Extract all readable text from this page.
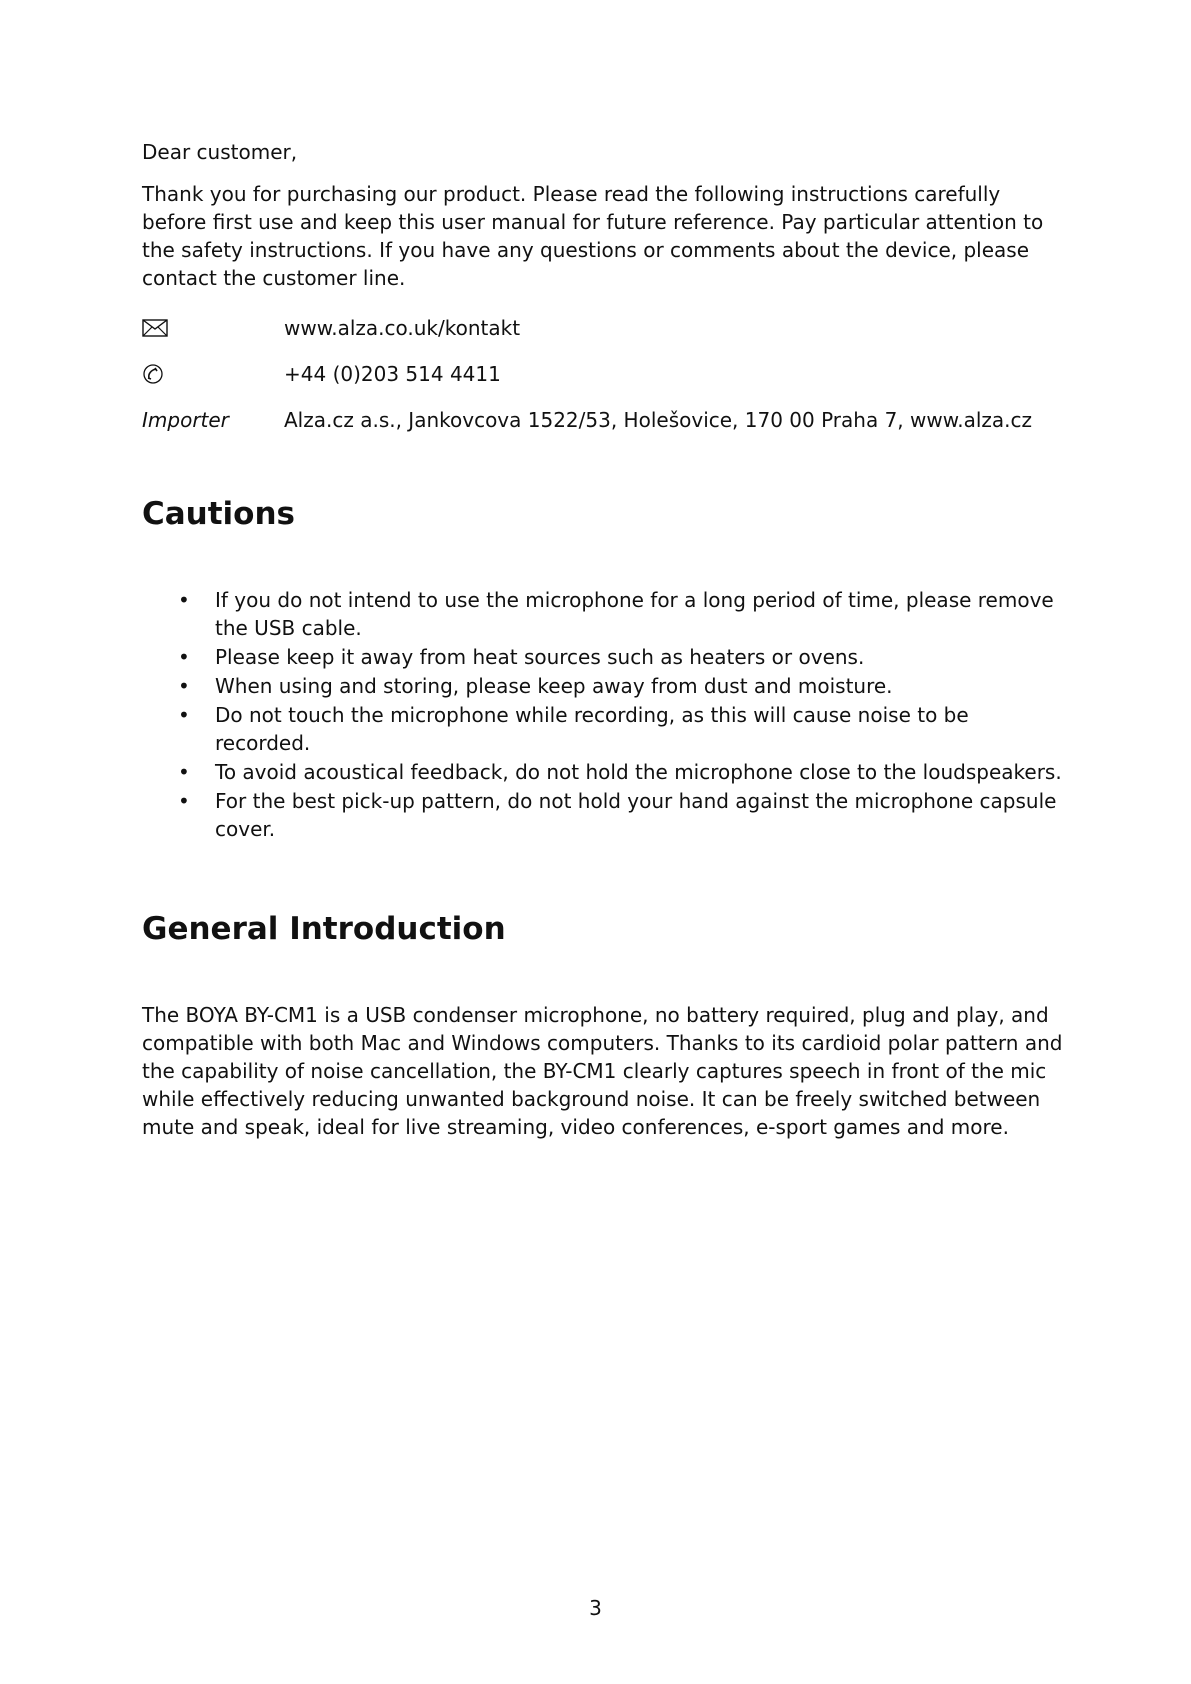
Dear customer,

Thank you for purchasing our product. Please read the following instructions carefully before first use and keep this user manual for future reference. Pay particular attention to the safety instructions. If you have any questions or comments about the device, please contact the customer line.

www.alza.co.uk/kontakt
+44 (0)203 514 4411
Importer	Alza.cz a.s., Jankovcova 1522/53, Holešovice, 170 00 Praha 7, www.alza.cz
Cautions
• If you do not intend to use the microphone for a long period of time, please remove the USB cable.
• Please keep it away from heat sources such as heaters or ovens.
• When using and storing, please keep away from dust and moisture.
• Do not touch the microphone while recording, as this will cause noise to be recorded.
• To avoid acoustical feedback, do not hold the microphone close to the loudspeakers.
• For the best pick-up pattern, do not hold your hand against the microphone capsule cover.
General Introduction

The BOYA BY-CM1 is a USB condenser microphone, no battery required, plug and play, and compatible with both Mac and Windows computers. Thanks to its cardioid polar pattern and the capability of noise cancellation, the BY-CM1 clearly captures speech in front of the mic while effectively reducing unwanted background noise. It can be freely switched between mute and speak, ideal for live streaming, video conferences, e-sport games and more.

3
